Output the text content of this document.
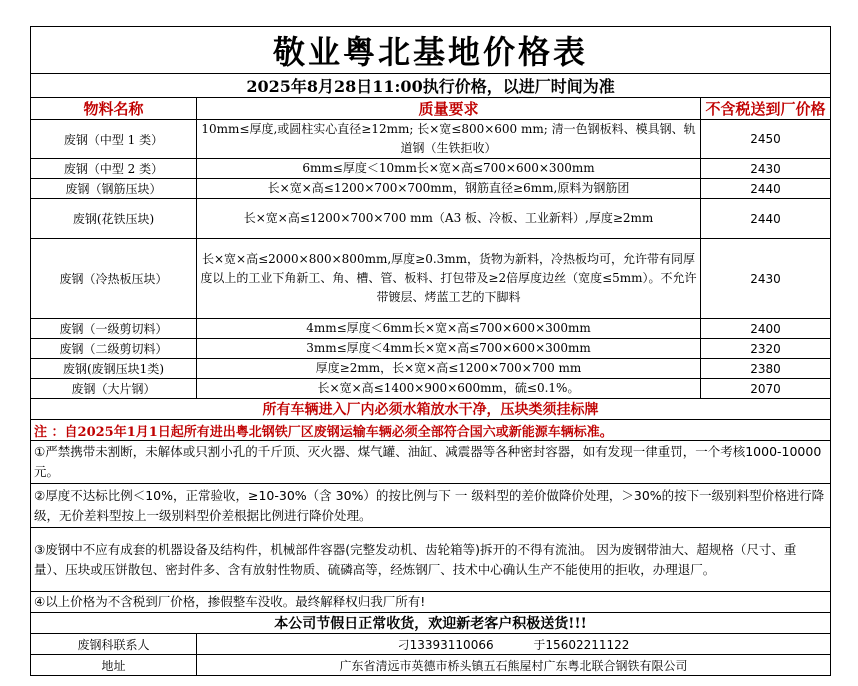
敬业粤北基地价格表		
2025年8月28日11:00执行价格，以进厂时间为准		
物料名称	质量要求	不含税送到厂价格
废钢（中型 1 类）	10mm≤厚度,或圆柱实心直径≥12mm; 长×宽≤800×600 mm; 清一色钢板料、模具钢、轨道钢（生铁拒收）	2450
废钢（中型 2 类）	6mm≤厚度＜10mm长×宽×高≤700×600×300mm	2430
废钢（钢筋压块）	长×宽×高≤1200×700×700mm，钢筋直径≥6mm,原料为钢筋团	2440
废钢(花铁压块)	长×宽×高≤1200×700×700 mm（A3 板、冷板、工业新料）,厚度≥2mm	2440
废钢（冷热板压块）	长×宽×高≤2000×800×800mm,厚度≥0.3mm，货物为新料，冷热板均可，允许带有同厚度以上的工业下角新工、角、槽、管、板料、打包带及≥2倍厚度边丝（宽度≤5mm）。不允许带镀层、烤蓝工艺的下脚料	2430
废钢（一级剪切料）	4mm≤厚度＜6mm长×宽×高≤700×600×300mm	2400
废钢（二级剪切料）	3mm≤厚度＜4mm长×宽×高≤700×600×300mm	2320
废钢(废钢压块1类)	厚度≥2mm，长×宽×高≤1200×700×700 mm	2380
废钢（大片钢）	长×宽×高≤1400×900×600mm，硫≤0.1%。	2070
所有车辆进入厂内必须水箱放水干净，压块类须挂标牌		
注 ：自2025年1月1日起所有进出粤北钢铁厂区废钢运输车辆必须全部符合国六或新能源车辆标准。		
①严禁携带未割断，未解体或只割小孔的千斤顶、灭火器、煤气罐、油缸、减震器等各种密封容器，如有发现一律重罚，一个考核1000-10000元。		
②厚度不达标比例＜10%，正常验收，≥10-30%（含 30%）的按比例与下 一 级料型的差价做降价处理，＞30%的按下一级别料型价格进行降级，无价差料型按上一级别料型价差根据比例进行降价处理。		
③废钢中不应有成套的机器设备及结构件，机械部件容器(完整发动机、齿轮箱等)拆开的不得有流油。 因为废钢带油大、超规格（尺寸、重量）、压块或压饼散包、密封件多、含有放射性物质、硫磷高等，经炼钢厂、技术中心确认生产不能使用的拒收，办理退厂。		
④以上价格为不含税到厂价格，掺假整车没收。最终解释权归我厂所有!		
本公司节假日正常收货，欢迎新老客户积极送货!!!		
废钢科联系人	刁13393110066 于15602211122	
地址	广东省清远市英德市桥头镇五石熊屋村广东粤北联合钢铁有限公司	
